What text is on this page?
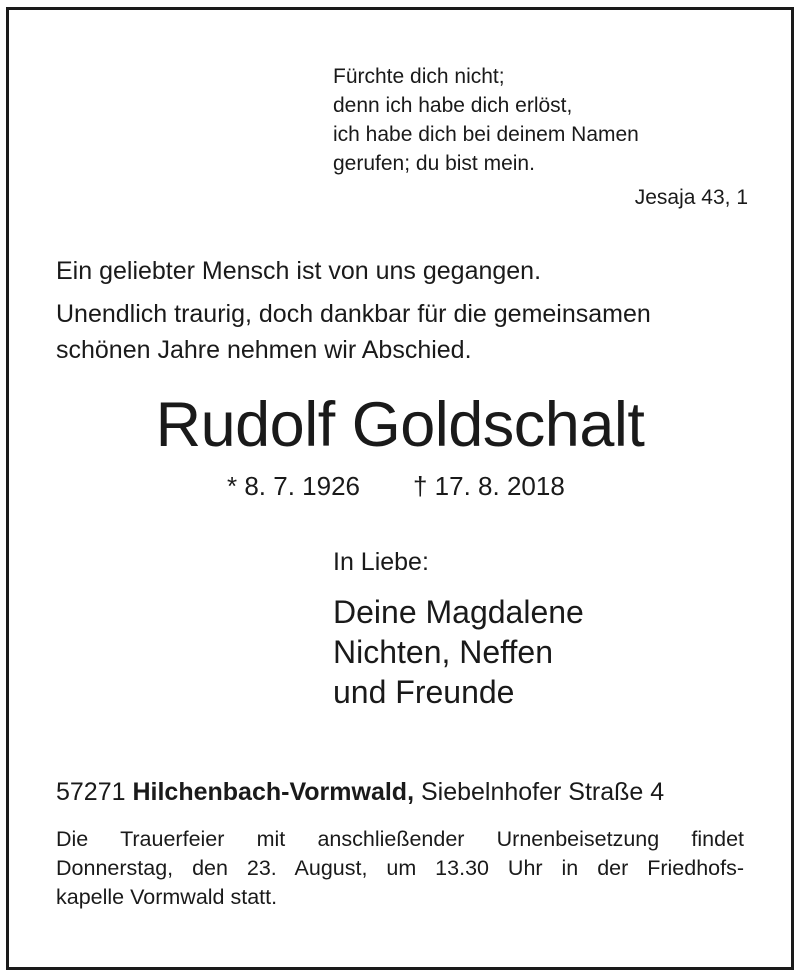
Fürchte dich nicht;
denn ich habe dich erlöst,
ich habe dich bei deinem Namen
gerufen; du bist mein.
Jesaja 43, 1
Ein geliebter Mensch ist von uns gegangen.
Unendlich traurig, doch dankbar für die gemeinsamen
schönen Jahre nehmen wir Abschied.
Rudolf Goldschalt
* 8. 7. 1926 † 17. 8. 2018
In Liebe:
Deine Magdalene
Nichten, Neffen
und Freunde
57271 Hilchenbach-Vormwald, Siebelnhofer Straße 4
Die Trauerfeier mit anschließender Urnenbeisetzung findet
Donnerstag, den 23. August, um 13.30 Uhr in der Friedhofs-
kapelle Vormwald statt.
